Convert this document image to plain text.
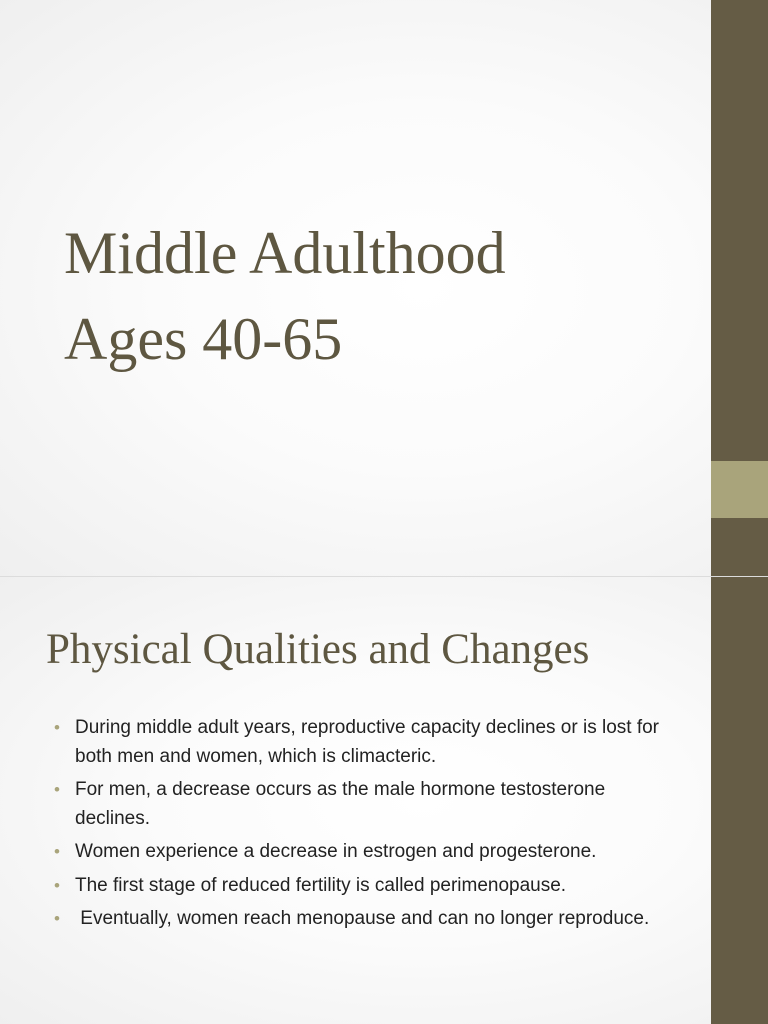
Middle Adulthood
Ages 40-65
Physical Qualities and Changes
• During middle adult years, reproductive capacity declines or is lost for both men and women, which is climacteric.
• For men, a decrease occurs as the male hormone testosterone declines.
• Women experience a decrease in estrogen and progesterone.
• The first stage of reduced fertility is called perimenopause.
• Eventually, women reach menopause and can no longer reproduce.
